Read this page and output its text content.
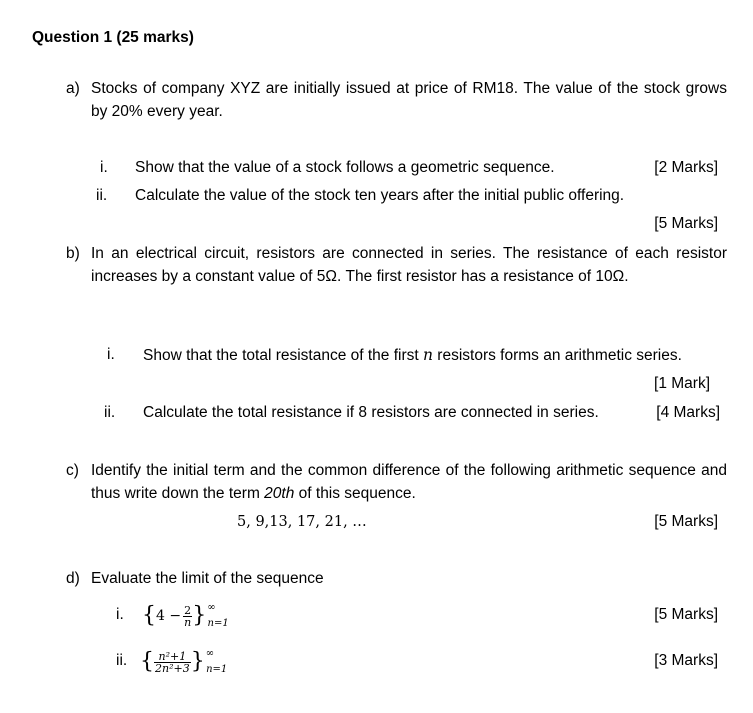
Question 1 (25 marks)
a) Stocks of company XYZ are initially issued at price of RM18. The value of the stock grows by 20% every year.
i. Show that the value of a stock follows a geometric sequence.	[2 Marks]
ii. Calculate the value of the stock ten years after the initial public offering.
[5 Marks]
b) In an electrical circuit, resistors are connected in series. The resistance of each resistor increases by a constant value of 5Ω. The first resistor has a resistance of 10Ω.
i. Show that the total resistance of the first n resistors forms an arithmetic series.
[1 Mark]
ii. Calculate the total resistance if 8 resistors are connected in series.	[4 Marks]
c) Identify the initial term and the common difference of the following arithmetic sequence and thus write down the term 20th of this sequence.
5, 9,13, 17, 21, …	[5 Marks]
d) Evaluate the limit of the sequence
i. $\{4 - \frac{2}{n} \}^\infty_{n=1}$
[5 Marks]
ii. { $\frac{\text{n²+1}}{\text{2n²+3}} \}^\infty_{n=1}$
[3 Marks]
